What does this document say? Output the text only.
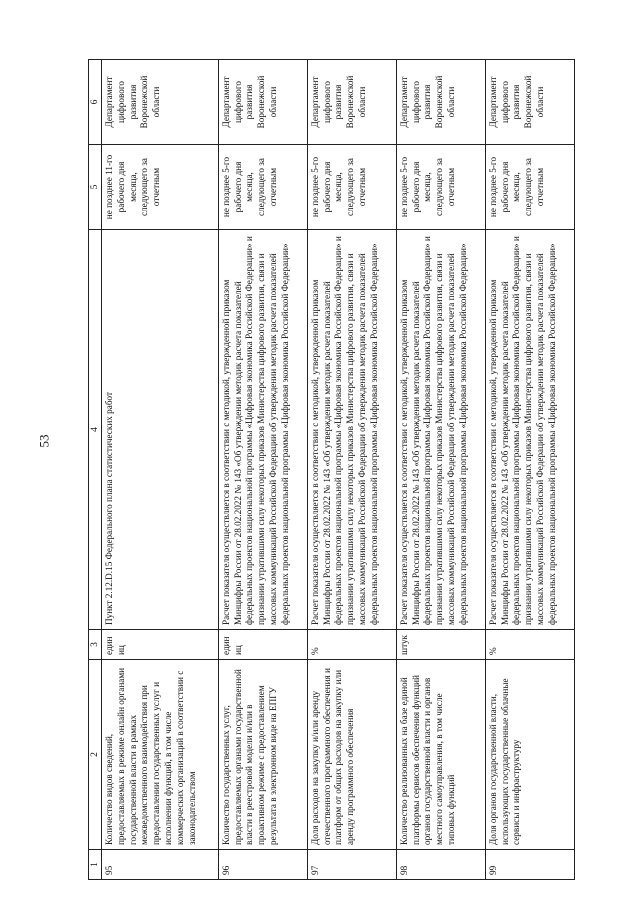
53
1	2	3	4	5	6
95	Количество видов сведений, предоставляемых в режиме онлайн органами государственной власти в рамках межведомственного взаимодействия при предоставлении государственных услуг и исполнении функций, в том числе коммерческих организаций в соответствии с законодательством	единиц	Пункт 2.12.D.15 Федерального плана статистических работ	не позднее 11-го рабочего дня месяца, следующего за отчетным	Департамент цифрового развития Воронежской области
96	Количество государственных услуг, предоставляемых органами государственной власти в реестровой модели и/или в проактивном режиме с предоставлением результата в электронном виде на ЕПГУ	единиц	Расчет показателя осуществляется в соответствии с методикой, утвержденной приказом Минцифры России от 28.02.2022 № 143 «Об утверждении методик расчета показателей федеральных проектов национальной программы «Цифровая экономика Российской Федерации» и признании утратившими силу некоторых приказов Министерства цифрового развития, связи и массовых коммуникаций Российской Федерации об утверждении методик расчета показателей федеральных проектов национальной программы «Цифровая экономика Российской Федерации»	не позднее 5-го рабочего дня месяца, следующего за отчетным	Департамент цифрового развития Воронежской области
97	Доля расходов на закупку и/или аренду отечественного программного обеспечения и платформ от общих расходов на закупку или аренду программного обеспечения	%	Расчет показателя осуществляется в соответствии с методикой, утвержденной приказом Минцифры России от 28.02.2022 № 143 «Об утверждении методик расчета показателей федеральных проектов национальной программы «Цифровая экономика Российской Федерации» и признании утратившими силу некоторых приказов Министерства цифрового развития, связи и массовых коммуникаций Российской Федерации об утверждении методик расчета показателей федеральных проектов национальной программы «Цифровая экономика Российской Федерации»	не позднее 5-го рабочего дня месяца, следующего за отчетным	Департамент цифрового развития Воронежской области
98	Количество реализованных на базе единой платформы сервисов обеспечения функций органов государственной власти и органов местного самоуправления, в том числе типовых функций	штук	Расчет показателя осуществляется в соответствии с методикой, утвержденной приказом Минцифры России от 28.02.2022 № 143 «Об утверждении методик расчета показателей федеральных проектов национальной программы «Цифровая экономика Российской Федерации» и признании утратившими силу некоторых приказов Министерства цифрового развития, связи и массовых коммуникаций Российской Федерации об утверждении методик расчета показателей федеральных проектов национальной программы «Цифровая экономика Российской Федерации»	не позднее 5-го рабочего дня месяца, следующего за отчетным	Департамент цифрового развития Воронежской области
99	Доля органов государственной власти, использующих государственные облачные сервисы и инфраструктуру	%	Расчет показателя осуществляется в соответствии с методикой, утвержденной приказом Минцифры России от 28.02.2022 № 143 «Об утверждении методик расчета показателей федеральных проектов национальной программы «Цифровая экономика Российской Федерации» и признании утратившими силу некоторых приказов Министерства цифрового развития, связи и массовых коммуникаций Российской Федерации об утверждении методик расчета показателей федеральных проектов национальной программы «Цифровая экономика Российской Федерации»	не позднее 5-го рабочего дня месяца, следующего за отчетным	Департамент цифрового развития Воронежской области
